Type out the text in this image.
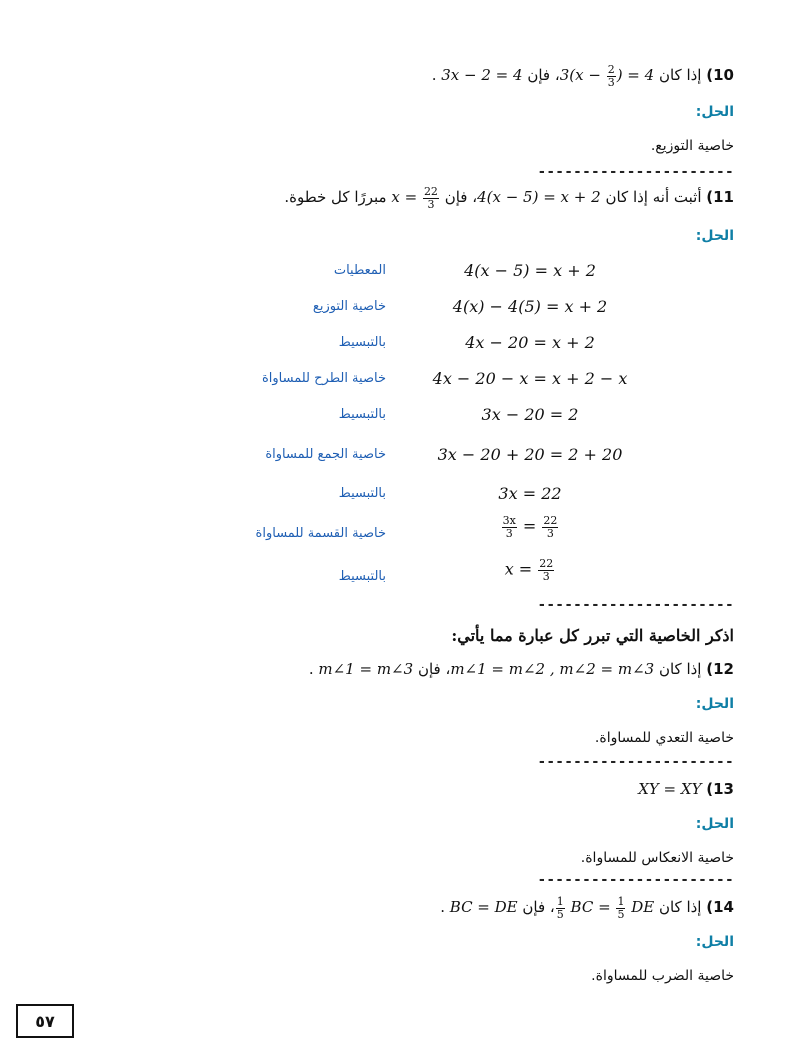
10) إذا كان $3(x - \frac{2}{3}$ ) = 4، فإن 3x − 2 = 4 .
الحل:
خاصية التوزيع.
----------------------
11) أثبت أنه إذا كان 4(x − 5) = x + 2، فإن $x = \frac{22}{3}$
مبررًا كل خطوة.
الحل:
المعطيات	4(x − 5) = x + 2
خاصية التوزيع	4(x) − 4(5) = x + 2
بالتبسيط	4x − 20 = x + 2
خاصية الطرح للمساواة	4x − 20 − x = x + 2 − x
بالتبسيط	3x − 20 = 2
خاصية الجمع للمساواة	3x − 20 + 20 = 2 + 20
بالتبسيط	3x = 22
خاصية القسمة للمساواة	$\frac{3x}{3} = \frac{22}{3}$
بالتبسيط	$x = \frac{22}{3}$
----------------------
اذكر الخاصية التي تبرر كل عبارة مما يأتي:
12) إذا كان m∠1 = m∠2 , m∠2 = m∠3، فإن m∠1 = m∠3 .
الحل:
خاصية التعدي للمساواة.
----------------------
13) XY = XY
الحل:
خاصية الانعكاس للمساواة.
----------------------
14) إذا كان
$\frac{1}{5}$ BC = $\frac{1}{5}$ DE، فإن BC = DE .
الحل:
خاصية الضرب للمساواة.
٥٧
